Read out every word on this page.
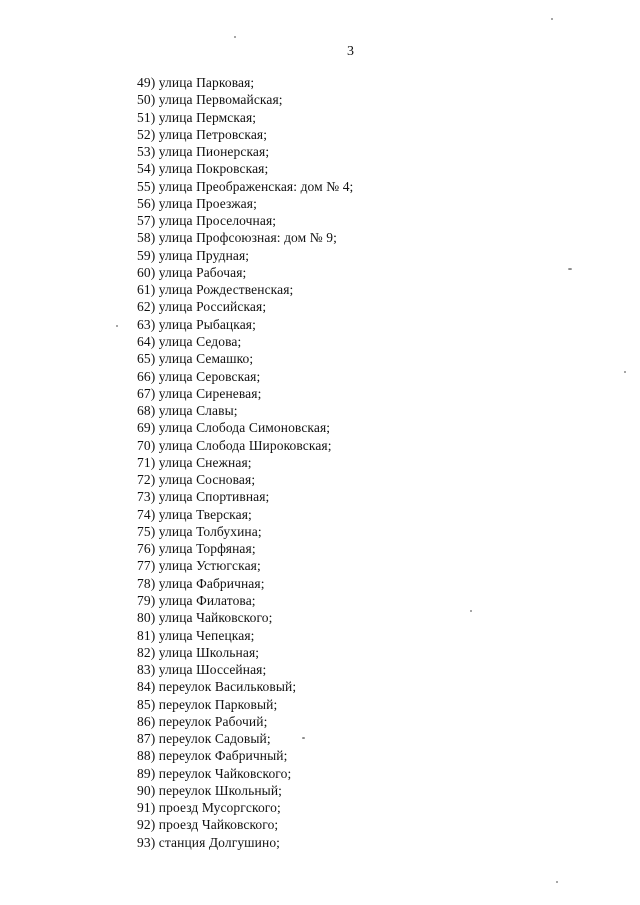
3
49) улица Парковая;
50) улица Первомайская;
51) улица Пермская;
52) улица Петровская;
53) улица Пионерская;
54) улица Покровская;
55) улица Преображенская: дом № 4;
56) улица Проезжая;
57) улица Проселочная;
58) улица Профсоюзная: дом № 9;
59) улица Прудная;
60) улица Рабочая;
61) улица Рождественская;
62) улица Российская;
63) улица Рыбацкая;
64) улица Седова;
65) улица Семашко;
66) улица Серовская;
67) улица Сиреневая;
68) улица Славы;
69) улица Слобода Симоновская;
70) улица Слобода Широковская;
71) улица Снежная;
72) улица Сосновая;
73) улица Спортивная;
74) улица Тверская;
75) улица Толбухина;
76) улица Торфяная;
77) улица Устюгская;
78) улица Фабричная;
79) улица Филатова;
80) улица Чайковского;
81) улица Чепецкая;
82) улица Школьная;
83) улица Шоссейная;
84) переулок Васильковый;
85) переулок Парковый;
86) переулок Рабочий;
87) переулок Садовый;
88) переулок Фабричный;
89) переулок Чайковского;
90) переулок Школьный;
91) проезд Мусоргского;
92) проезд Чайковского;
93) станция Долгушино;
